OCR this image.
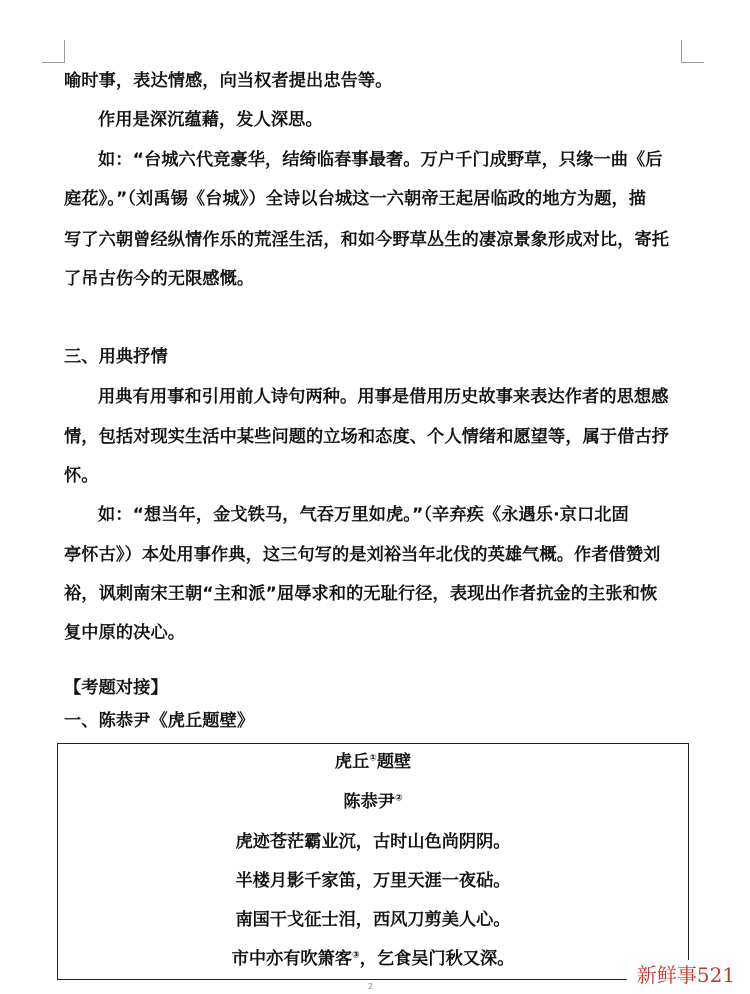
喻时事，表达情感，向当权者提出忠告等。
作用是深沉蕴藉，发人深思。
如：“台城六代竞豪华，结绮临春事最奢。万户千门成野草，只缘一曲《后
庭花》。”（刘禹锡《台城》）全诗以台城这一六朝帝王起居临政的地方为题，描
写了六朝曾经纵情作乐的荒淫生活，和如今野草丛生的凄凉景象形成对比，寄托
了吊古伤今的无限感慨。
三、用典抒情
用典有用事和引用前人诗句两种。用事是借用历史故事来表达作者的思想感
情，包括对现实生活中某些问题的立场和态度、个人情绪和愿望等，属于借古抒
怀。
如：“想当年，金戈铁马，气吞万里如虎。”（辛弃疾《永遇乐·京口北固
亭怀古》）本处用事作典，这三句写的是刘裕当年北伐的英雄气概。作者借赞刘
裕，讽刺南宋王朝“主和派”屈辱求和的无耻行径，表现出作者抗金的主张和恢
复中原的决心。
【考题对接】
一、陈恭尹《虎丘题壁》
虎丘①题壁
陈恭尹②
虎迹苍茫霸业沉，古时山色尚阴阴。
半楼月影千家笛，万里天涯一夜砧。
南国干戈征士泪，西风刀剪美人心。
市中亦有吹箫客③，乞食吴门秋又深。
2	新鲜事521
